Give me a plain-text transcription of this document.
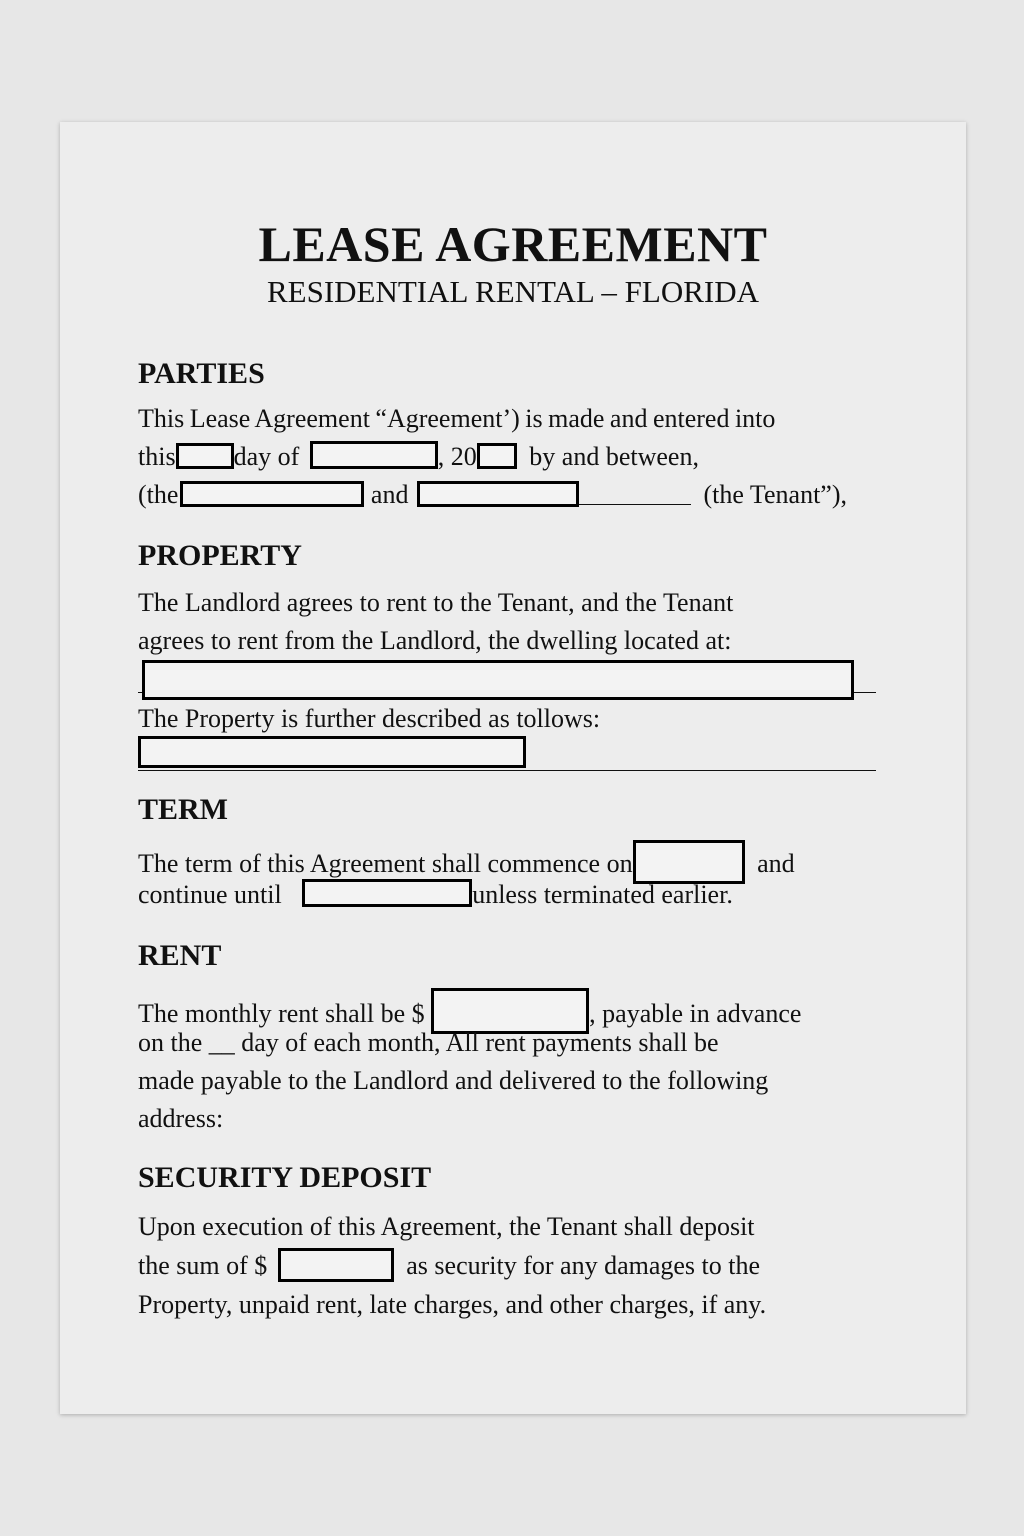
LEASE AGREEMENT
RESIDENTIAL RENTAL – FLORIDA
PARTIES
This Lease Agreement “Agreement’) is made and entered into
this day of	, 20 by and between,
(the	and	(the Tenant”),
PROPERTY
The Landlord agrees to rent to the Tenant, and the Tenant
agrees to rent from the Landlord, the dwelling located at:
The Property is further described as tollows:
TERM
The term of this Agreement shall commence on	and
continue until	unless terminated earlier.
RENT
The monthly rent shall be $	, payable in advance
on the __ day of each month, All rent payments shall be
made payable to the Landlord and delivered to the following
address:
SECURITY DEPOSIT
Upon execution of this Agreement, the Tenant shall deposit
the sum of $	as security for any damages to the
Property, unpaid rent, late charges, and other charges, if any.
